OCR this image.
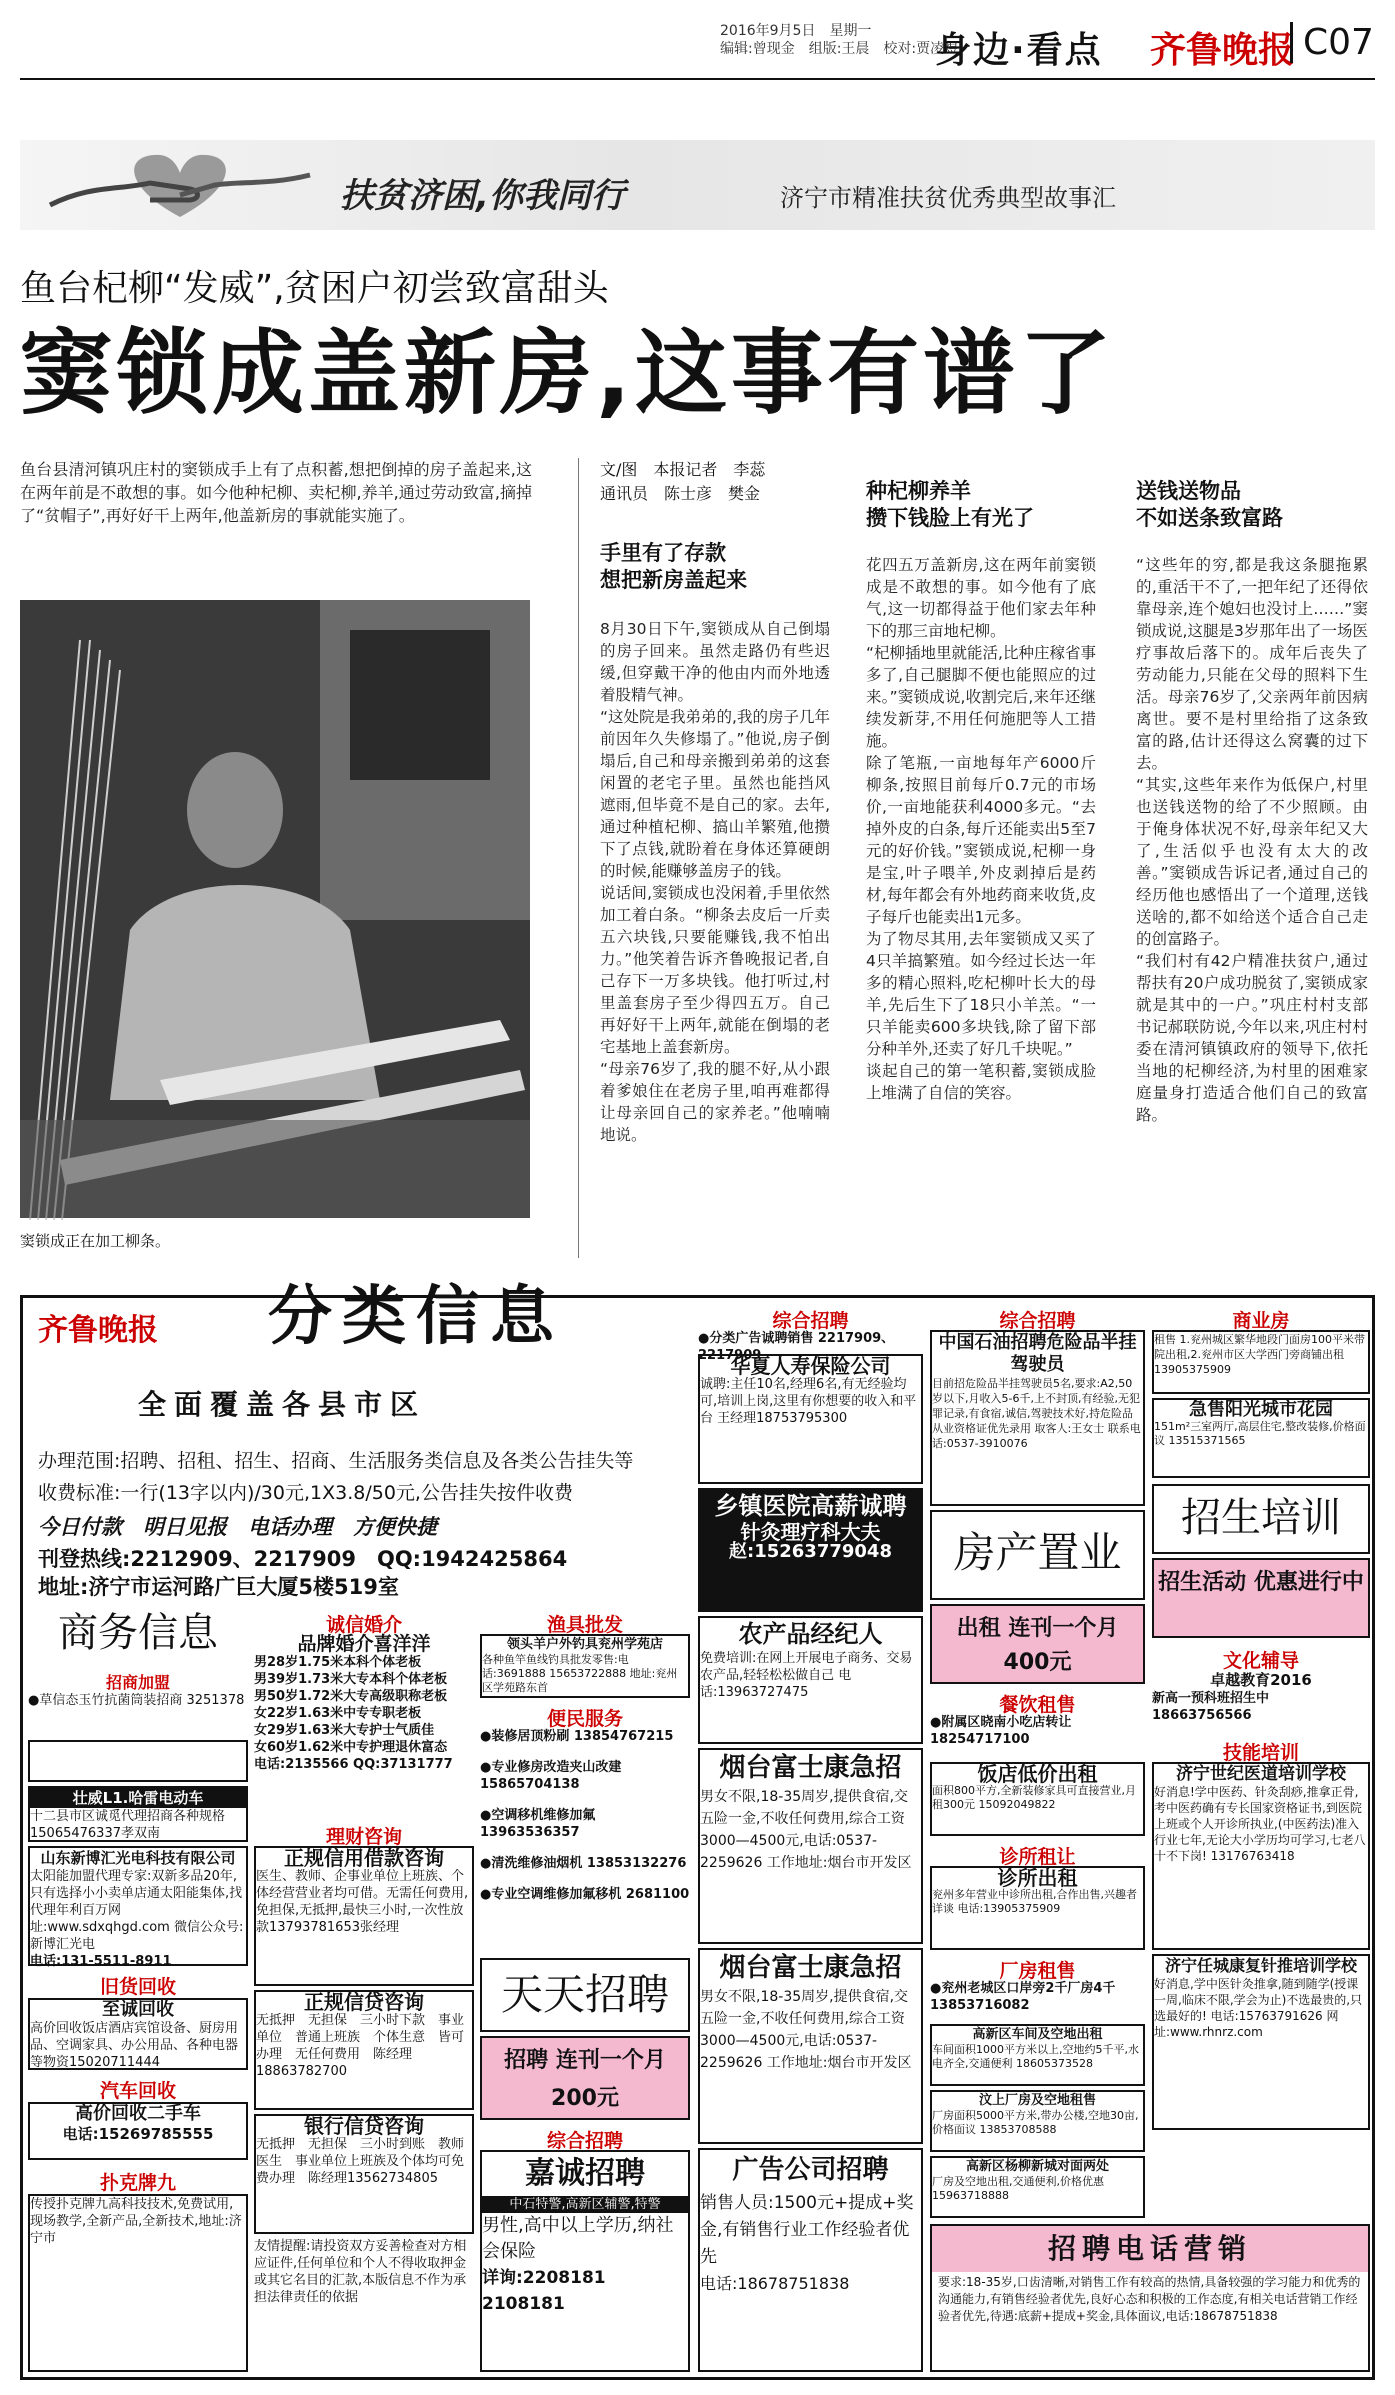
2016年9月5日　星期一
编辑:曾现金　组版:王晨　校对:贾凌煜
身边·看点 齐鲁晚报 C07
扶贫济困,你我同行	济宁市精准扶贫优秀典型故事汇
鱼台杞柳“发威”,贫困户初尝致富甜头
窦锁成盖新房,这事有谱了
鱼台县清河镇巩庄村的窦锁成手上有了点积蓄,想把倒掉的房子盖起来,这在两年前是不敢想的事。如今他种杞柳、卖杞柳,养羊,通过劳动致富,摘掉了“贫帽子”,再好好干上两年,他盖新房的事就能实施了。
窦锁成正在加工柳条。
文/图　本报记者　李蕊
通讯员　陈士彦　樊金
手里有了存款
想把新房盖起来
8月30日下午,窦锁成从自己倒塌的房子回来。虽然走路仍有些迟缓,但穿戴干净的他由内而外地透着股精气神。
“这处院是我弟弟的,我的房子几年前因年久失修塌了。”他说,房子倒塌后,自己和母亲搬到弟弟的这套闲置的老宅子里。虽然也能挡风遮雨,但毕竟不是自己的家。去年,通过种植杞柳、搞山羊繁殖,他攒下了点钱,就盼着在身体还算硬朗的时候,能赚够盖房子的钱。
说话间,窦锁成也没闲着,手里依然加工着白条。“柳条去皮后一斤卖五六块钱,只要能赚钱,我不怕出力。”他笑着告诉齐鲁晚报记者,自己存下一万多块钱。他打听过,村里盖套房子至少得四五万。自己再好好干上两年,就能在倒塌的老宅基地上盖套新房。
“母亲76岁了,我的腿不好,从小跟着爹娘住在老房子里,咱再难都得让母亲回自己的家养老。”他喃喃地说。
种杞柳养羊
攒下钱脸上有光了
花四五万盖新房,这在两年前窦锁成是不敢想的事。如今他有了底气,这一切都得益于他们家去年种下的那三亩地杞柳。
“杞柳插地里就能活,比种庄稼省事多了,自己腿脚不便也能照应的过来。”窦锁成说,收割完后,来年还继续发新芽,不用任何施肥等人工措施。
除了笔瓶,一亩地每年产6000斤柳条,按照目前每斤0.7元的市场价,一亩地能获利4000多元。“去掉外皮的白条,每斤还能卖出5至7元的好价钱。”窦锁成说,杞柳一身是宝,叶子喂羊,外皮剥掉后是药材,每年都会有外地药商来收货,皮子每斤也能卖出1元多。
为了物尽其用,去年窦锁成又买了4只羊搞繁殖。如今经过长达一年多的精心照料,吃杞柳叶长大的母羊,先后生下了18只小羊羔。“一只羊能卖600多块钱,除了留下部分种羊外,还卖了好几千块呢。”
谈起自己的第一笔积蓄,窦锁成脸上堆满了自信的笑容。
送钱送物品
不如送条致富路
“这些年的穷,都是我这条腿拖累的,重活干不了,一把年纪了还得依靠母亲,连个媳妇也没讨上……”窦锁成说,这腿是3岁那年出了一场医疗事故后落下的。成年后丧失了劳动能力,只能在父母的照料下生活。母亲76岁了,父亲两年前因病离世。要不是村里给指了这条致富的路,估计还得这么窝囊的过下去。
“其实,这些年来作为低保户,村里也送钱送物的给了不少照顾。由于俺身体状况不好,母亲年纪又大了,生活似乎也没有太大的改善。”窦锁成告诉记者,通过自己的经历他也感悟出了一个道理,送钱送啥的,都不如给送个适合自己走的创富路子。
“我们村有42户精准扶贫户,通过帮扶有20户成功脱贫了,窦锁成家就是其中的一户。”巩庄村村支部书记郝联防说,今年以来,巩庄村村委在清河镇镇政府的领导下,依托当地的杞柳经济,为村里的困难家庭量身打造适合他们自己的致富路。
齐鲁晚报 分类信息
全面覆盖各县市区
办理范围:招聘、招租、招生、招商、生活服务类信息及各类公告挂失等
收费标准:一行(13字以内)/30元,1X3.8/50元,公告挂失按件收费
今日付款　明日见报　电话办理　方便快捷
刊登热线:2212909、2217909　QQ:1942425864
地址:济宁市运河路广巨大厦5楼519室
商务信息
招商加盟
●草信态玉竹抗菌筒装招商 3251378
壮威L1.哈雷电动车
十二县市区诚觅代理招商各种规格15065476337孝双南
山东新博汇光电科技有限公司
太阳能加盟代理专家:双新多品20年,只有选择小小卖单店通太阳能集体,找代理年利百万网址:www.sdxqhgd.com 微信公众号:新博汇光电
电话:131-5511-8911
旧货回收
至诚回收
高价回收饭店酒店宾馆设备、厨房用品、空调家具、办公用品、各种电器等物资15020711444
汽车回收
高价回收二手车
电话:15269785555
扑克牌九
传授扑克牌九高科技技术,免费试用,现场教学,全新产品,全新技术,地址:济宁市
诚信婚介
品牌婚介喜洋洋
男28岁1.75米本科个体老板
男39岁1.73米大专本科个体老板
男50岁1.72米大专高级职称老板
女22岁1.63米中专专职老板
女29岁1.63米大专护士气质佳
女60岁1.62米中专护理退休富态
电话:2135566 QQ:37131777
理财咨询
正规信用借款咨询
医生、教师、企事业单位上班族、个体经营营业者均可借。无需任何费用,免担保,无抵押,最快三小时,一次性放款13793781653张经理
正规信贷咨询
无抵押　无担保　三小时下款　事业单位　普通上班族　个体生意　皆可办理　无任何费用　陈经理18863782700
银行信贷咨询
无抵押　无担保　三小时到账　教师　医生　事业单位上班族及个体均可免费办理　陈经理13562734805
友情提醒:请投资双方妥善检查对方相应证件,任何单位和个人不得收取押金或其它名目的汇款,本版信息不作为承担法律责任的依据
渔具批发
领头羊户外钓具兖州学苑店
各种鱼竿鱼线钓具批发零售:电话:3691888 15653722888 地址:兖州区学苑路东首
便民服务
●装修居顶粉刷 13854767215
●专业修房改造夹山改建 15865704138
●空调移机维修加氟 13963536357
●清洗维修油烟机 13853132276
●专业空调维修加氟移机 2681100
天天招聘
招聘 连刊一个月 200元
综合招聘
嘉诚招聘
中石特警,高新区辅警,特警
男性,高中以上学历,纳社会保险
详询:2208181 2108181
综合招聘
●分类广告诚聘销售 2217909、2217909
华夏人寿保险公司
诚聘:主任10名,经理6名,有无经验均可,培训上岗,这里有你想要的收入和平台 王经理18753795300
乡镇医院高薪诚聘
针灸理疗科大夫
赵:15263779048
农产品经纪人
免费培训:在网上开展电子商务、交易农产品,轻轻松松做自己 电话:13963727475
烟台富士康急招
男女不限,18-35周岁,提供食宿,交五险一金,不收任何费用,综合工资3000—4500元,电话:0537-2259626 工作地址:烟台市开发区
烟台富士康急招
男女不限,18-35周岁,提供食宿,交五险一金,不收任何费用,综合工资3000—4500元,电话:0537-2259626 工作地址:烟台市开发区
广告公司招聘
销售人员:1500元+提成+奖金,有销售行业工作经验者优先
电话:18678751838
综合招聘
中国石油招聘危险品半挂驾驶员
目前招危险品半挂驾驶员5名,要求:A2,50岁以下,月收入5-6千,上不封顶,有经验,无犯罪记录,有食宿,诚信,驾驶技术好,持危险品从业资格证优先录用 取客人:王女士 联系电话:0537-3910076
房产置业
出租 连刊一个月 400元
餐饮租售
●附属区晓南小吃店转让 18254717100
饭店低价出租
面积800平方,全新装修家具可直接营业,月租300元 15092049822
诊所租让
诊所出租
兖州多年营业中诊所出租,合作出售,兴趣者详谈 电话:13905375909
厂房租售
●兖州老城区口岸旁2千厂房4千 13853716082
高新区车间及空地出租
车间面积1000平方米以上,空地约5千平,水电齐全,交通便利 18605373528
汶上厂房及空地租售
厂房面积5000平方米,带办公楼,空地30亩,价格面议 13853708588
高新区杨柳新城对面两处
厂房及空地出租,交通便利,价格优惠 15963718888
商业房
租售 1.兖州城区繁华地段门面房100平米带院出租,2.兖州市区大学西门旁商铺出租 13905375909
急售阳光城市花园
151m²三室两厅,高层住宅,整改装修,价格面议 13515371565
招生培训
招生活动 优惠进行中
文化辅导
卓越教育2016
新高一预科班招生中 18663756566
技能培训
济宁世纪医道培训学校
好消息!学中医药、针灸刮痧,推拿正骨,考中医药确有专长国家资格证书,到医院上班或个人开诊所执业,(中医药法)准入行业七年,无论大小学历均可学习,七老八十不下岗! 13176763418
济宁任城康复针推培训学校
好消息,学中医针灸推拿,随到随学(授课一周,临床不限,学会为止)不选最贵的,只选最好的! 电话:15763791626 网址:www.rhnrz.com
招聘电话营销
要求:18-35岁,口齿清晰,对销售工作有较高的热情,具备较强的学习能力和优秀的沟通能力,有销售经验者优先,良好心态和积极的工作态度,有相关电话营销工作经验者优先,待遇:底薪+提成+奖金,具体面议,电话:18678751838
